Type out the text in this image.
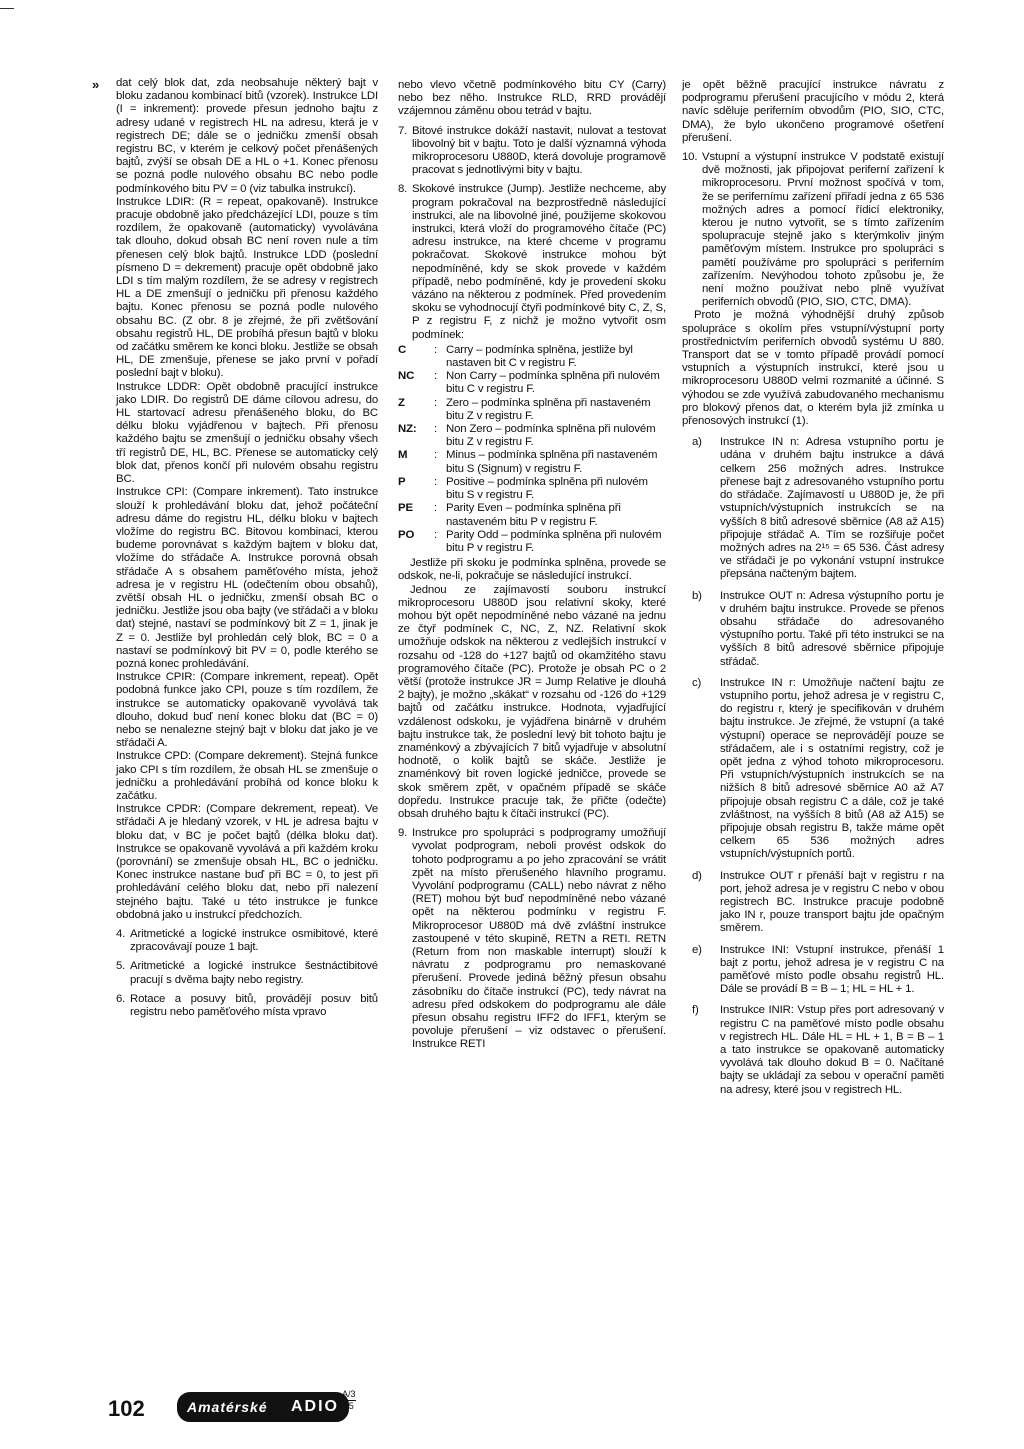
» dat celý blok dat, zda neobsahuje některý bajt v bloku zadanou kombinací bitů (vzorek). Instrukce LDI (I = inkrement): provede přesun jednoho bajtu z adresy udané v registrech HL na adresu, která je v registrech DE; dále se o jedničku zmenší obsah registru BC, v kterém je celkový počet přenášených bajtů, zvýší se obsah DE a HL o +1. Konec přenosu se pozná podle nulového obsahu BC nebo podle podmínkového bitu PV = 0 (viz tabulka instrukcí).

Instrukce LDIR: (R = repeat, opakovaně). Instrukce pracuje obdobně jako předcházející LDI, pouze s tím rozdílem, že opakovaně (automaticky) vyvolávána tak dlouho, dokud obsah BC není roven nule a tím přenesen celý blok bajtů. Instrukce LDD (poslední písmeno D = dekrement) pracuje opět obdobně jako LDI s tím malým rozdílem, že se adresy v registrech HL a DE zmenšují o jedničku při přenosu každého bajtu. Konec přenosu se pozná podle nulového obsahu BC. (Z obr. 8 je zřejmé, že při zvětšování obsahu registrů HL, DE probíhá přesun bajtů v bloku od začátku směrem ke konci bloku. Jestliže se obsah HL, DE zmenšuje, přenese se jako první v pořadí poslední bajt v bloku).

Instrukce LDDR: Opět obdobně pracující instrukce jako LDIR. Do registrů DE dáme cílovou adresu, do HL startovací adresu přenášeného bloku, do BC délku bloku vyjádřenou v bajtech. Při přenosu každého bajtu se zmenšují o jedničku obsahy všech tří registrů DE, HL, BC. Přenese se automaticky celý blok dat, přenos končí při nulovém obsahu registru BC.

Instrukce CPI: (Compare inkrement). Tato instrukce slouží k prohledávání bloku dat, jehož počáteční adresu dáme do registru HL, délku bloku v bajtech vložíme do registru BC. Bitovou kombinaci, kterou budeme porovnávat s každým bajtem v bloku dat, vložíme do střádače A. Instrukce porovná obsah střádače A s obsahem paměťového místa, jehož adresa je v registru HL (odečtením obou obsahů), zvětší obsah HL o jedničku, zmenší obsah BC o jedničku. Jestliže jsou oba bajty (ve střádači a v bloku dat) stejné, nastaví se podmínkový bit Z = 1, jinak je Z = 0. Jestliže byl prohledán celý blok, BC = 0 a nastaví se podmínkový bit PV = 0, podle kterého se pozná konec prohledávání.

Instrukce CPIR: (Compare inkrement, repeat). Opět podobná funkce jako CPI, pouze s tím rozdílem, že instrukce se automaticky opakovaně vyvolává tak dlouho, dokud buď není konec bloku dat (BC = 0) nebo se nenalezne stejný bajt v bloku dat jako je ve střádači A.

Instrukce CPD: (Compare dekrement). Stejná funkce jako CPI s tím rozdílem, že obsah HL se zmenšuje o jedničku a prohledávání probíhá od konce bloku k začátku.

Instrukce CPDR: (Compare dekrement, repeat). Ve střádači A je hledaný vzorek, v HL je adresa bajtu v bloku dat, v BC je počet bajtů (délka bloku dat). Instrukce se opakovaně vyvolává a při každém kroku (porovnání) se zmenšuje obsah HL, BC o jedničku. Konec instrukce nastane buď při BC = 0, to jest při prohledávání celého bloku dat, nebo při nalezení stejného bajtu. Také u této instrukce je funkce obdobná jako u instrukcí předchozích.

4. Aritmetické a logické instrukce osmibitové, které zpracovávají pouze 1 bajt.
5. Aritmetické a logické instrukce šestnáctibitové pracují s dvěma bajty nebo registry.
6. Rotace a posuvy bitů, provádějí posuv bitů registru nebo paměťového místa vpravo

nebo vlevo včetně podmínkového bitu CY (Carry) nebo bez něho. Instrukce RLD, RRD provádějí vzájemnou záměnu obou tetrád v bajtu.

7. Bitové instrukce dokáží nastavit, nulovat a testovat libovolný bit v bajtu. Toto je další významná výhoda mikroprocesoru U880D, která dovoluje programově pracovat s jednotlivými bity v bajtu.
8. Skokové instrukce (Jump). Jestliže nechceme, aby program pokračoval na bezprostředně následující instrukci, ale na libovolné jiné, použijeme skokovou instrukci, která vloží do programového čítače (PC) adresu instrukce, na které chceme v programu pokračovat. Skokové instrukce mohou být nepodmíněné, kdy se skok provede v každém případě, nebo podmíněné, kdy je provedení skoku vázáno na některou z podmínek. Před provedením skoku se vyhodnocují čtyři podmínkové bity C, Z, S, P z registru F, z nichž je možno vytvořit osm podmínek:
C	: Carry – podmínka splněna, jestliže byl nastaven bit C v registru F.
NC	: Non Carry – podmínka splněna při nulovém bitu C v registru F.
Z	: Zero – podmínka splněna při nastaveném bitu Z v registru F.
NZ:	: Non Zero – podmínka splněna při nulovém bitu Z v registru F.
M	: Minus – podmínka splněna při nastaveném bitu S (Signum) v registru F.
P	: Positive – podmínka splněna při nulovém bitu S v registru F.
PE	: Parity Even – podmínka splněna při nastaveném bitu P v registru F.
PO	: Parity Odd – podmínka splněna při nulovém bitu P v registru F.

Jestliže při skoku je podmínka splněna, provede se odskok, ne-li, pokračuje se následující instrukcí.

Jednou ze zajímavostí souboru instrukcí mikroprocesoru U880D jsou relativní skoky, které mohou být opět nepodmíněné nebo vázané na jednu ze čtyř podmínek C, NC, Z, NZ. Relativní skok umožňuje odskok na některou z vedlejších instrukcí v rozsahu od -128 do +127 bajtů od okamžitého stavu programového čítače (PC). Protože je obsah PC o 2 větší (protože instrukce JR = Jump Relative je dlouhá 2 bajty), je možno „skákat“ v rozsahu od -126 do +129 bajtů od začátku instrukce. Hodnota, vyjadřující vzdálenost odskoku, je vyjádřena binárně v druhém bajtu instrukce tak, že poslední levý bit tohoto bajtu je znaménkový a zbývajících 7 bitů vyjadřuje v absolutní hodnotě, o kolik bajtů se skáče. Jestliže je znaménkový bit roven logické jedničce, provede se skok směrem zpět, v opačném případě se skáče dopředu. Instrukce pracuje tak, že přičte (odečte) obsah druhého bajtu k čítači instrukcí (PC).

9. Instrukce pro spolupráci s podprogramy umožňují vyvolat podprogram, neboli provést odskok do tohoto podprogramu a po jeho zpracování se vrátit zpět na místo přerušeného hlavního programu. Vyvolání podprogramu (CALL) nebo návrat z něho (RET) mohou být buď nepodmíněné nebo vázané opět na některou podmínku v registru F. Mikroprocesor U880D má dvě zvláštní instrukce zastoupené v této skupině, RETN a RETI. RETN (Return from non maskable interrupt) slouží k návratu z podprogramu pro nemaskované přerušení. Provede jediná běžný přesun obsahu zásobníku do čítače instrukcí (PC), tedy návrat na adresu před odskokem do podprogramu ale dále přesun obsahu registru IFF2 do IFF1, kterým se povoluje přerušení – viz odstavec o přerušení. Instrukce RETI

je opět běžně pracující instrukce návratu z podprogramu přerušení pracujícího v módu 2, která navíc sděluje periferním obvodům (PIO, SIO, CTC, DMA), že bylo ukončeno programové ošetření přerušení.

10. Vstupní a výstupní instrukce V podstatě existují dvě možnosti, jak připojovat periferní zařízení k mikroprocesoru. První možnost spočívá v tom, že se perifernímu zařízení přiřadí jedna z 65 536 možných adres a pomocí řídicí elektroniky, kterou je nutno vytvořit, se s tímto zařízením spolupracuje stejně jako s kterýmkoliv jiným paměťovým místem. Instrukce pro spolupráci s pamětí používáme pro spolupráci s periferním zařízením. Nevýhodou tohoto způsobu je, že není možno používat nebo plně využívat periferních obvodů (PIO, SIO, CTC, DMA).

Proto je možná výhodnější druhý způsob spolupráce s okolím přes vstupní/výstupní porty prostřednictvím periferních obvodů systému U 880. Transport dat se v tomto případě provádí pomocí vstupních a výstupních instrukcí, které jsou u mikroprocesoru U880D velmi rozmanité a účinné. S výhodou se zde využívá zabudovaného mechanismu pro blokový přenos dat, o kterém byla již zmínka u přenosových instrukcí (1).

a) Instrukce IN n: Adresa vstupního portu je udána v druhém bajtu instrukce a dává celkem 256 možných adres. Instrukce přenese bajt z adresovaného vstupního portu do střádače. Zajímavostí u U880D je, že při vstupních/výstupních instrukcích se na vyšších 8 bitů adresové sběrnice (A8 až A15) připojuje střádač A. Tím se rozšiřuje počet možných adres na 2¹⁵ = 65 536. Část adresy ve střádači je po vykonání vstupní instrukce přepsána načteným bajtem.
b) Instrukce OUT n: Adresa výstupního portu je v druhém bajtu instrukce. Provede se přenos obsahu střádače do adresovaného výstupního portu. Také při této instrukci se na vyšších 8 bitů adresové sběrnice připojuje střádač.
c) Instrukce IN r: Umožňuje načtení bajtu ze vstupního portu, jehož adresa je v registru C, do registru r, který je specifikován v druhém bajtu instrukce. Je zřejmé, že vstupní (a také výstupní) operace se neprovádějí pouze se střádačem, ale i s ostatními registry, což je opět jedna z výhod tohoto mikroprocesoru. Při vstupních/výstupních instrukcích se na nižších 8 bitů adresové sběrnice A0 až A7 připojuje obsah registru C a dále, což je také zvláštnost, na vyšších 8 bitů (A8 až A15) se připojuje obsah registru B, takže máme opět celkem 65 536 možných adres vstupních/výstupních portů.
d) Instrukce OUT r přenáší bajt v registru r na port, jehož adresa je v registru C nebo v obou registrech BC. Instrukce pracuje podobně jako IN r, pouze transport bajtu jde opačným směrem.
e) Instrukce INI: Vstupní instrukce, přenáší 1 bajt z portu, jehož adresa je v registru C na paměťové místo podle obsahu registrů HL. Dále se provádí B = B – 1; HL = HL + 1.
f) Instrukce INIR: Vstup přes port adresovaný v registru C na paměťové místo podle obsahu v registrech HL. Dále HL = HL + 1, B = B – 1 a tato instrukce se opakovaně automaticky vyvolává tak dlouho dokud B = 0. Načítané bajty se ukládají za sebou v operační paměti na adresy, které jsou v registrech HL.
102	Amatérské ADIO
A/3
85
